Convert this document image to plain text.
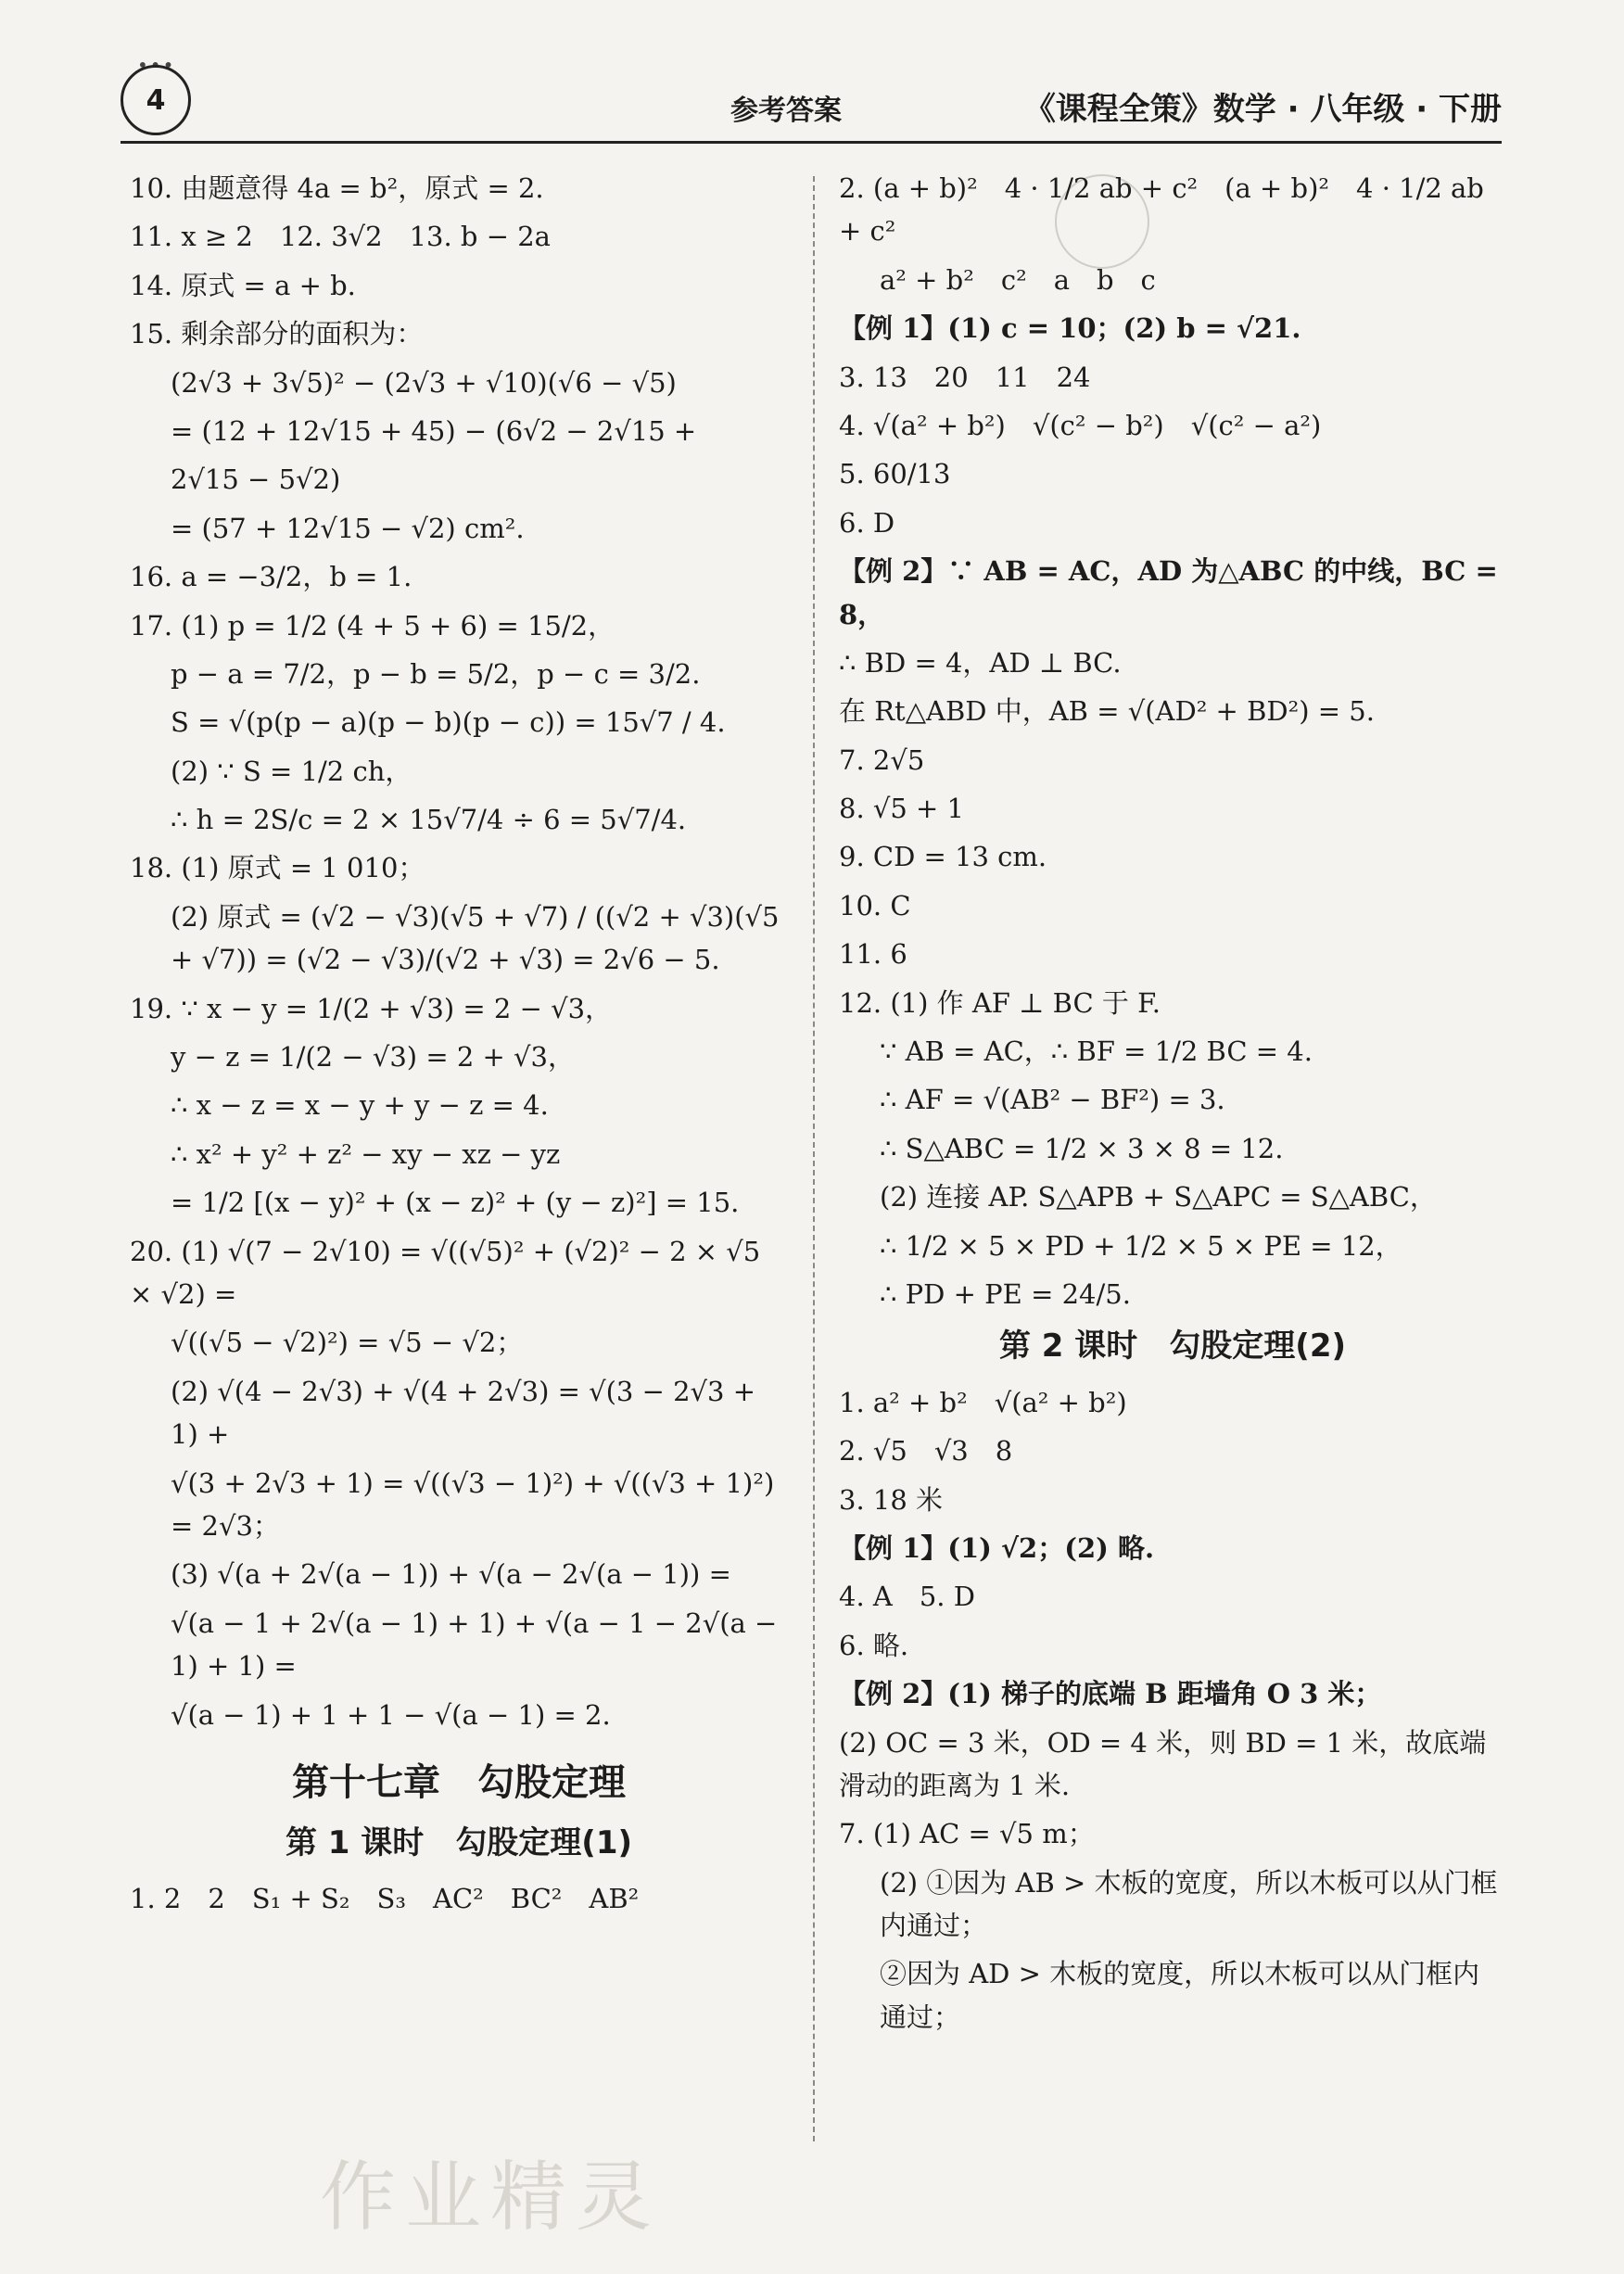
•••
4	参考答案	《课程全策》数学 · 八年级 · 下册
10. 由题意得 4a = b²，原式 = 2.
11. x ≥ 2　12. 3√2　13. b − 2a
14. 原式 = a + b.
15. 剩余部分的面积为：
(2√3 + 3√5)² − (2√3 + √10)(√6 − √5)
= (12 + 12√15 + 45) − (6√2 − 2√15 +
2√15 − 5√2)
= (57 + 12√15 − √2) cm².
16. a = −3/2，b = 1.
17. (1) p = 1/2 (4 + 5 + 6) = 15/2，
p − a = 7/2，p − b = 5/2，p − c = 3/2.
S = √(p(p − a)(p − b)(p − c)) = 15√7 / 4.
(2) ∵ S = 1/2 ch，
∴ h = 2S/c = 2 × 15√7/4 ÷ 6 = 5√7/4.
18. (1) 原式 = 1 010；
(2) 原式 = (√2 − √3)(√5 + √7) / ((√2 + √3)(√5 + √7)) = (√2 − √3)/(√2 + √3) = 2√6 − 5.
19. ∵ x − y = 1/(2 + √3) = 2 − √3，
y − z = 1/(2 − √3) = 2 + √3，
∴ x − z = x − y + y − z = 4.
∴ x² + y² + z² − xy − xz − yz
= 1/2 [(x − y)² + (x − z)² + (y − z)²] = 15.
20. (1) √(7 − 2√10) = √((√5)² + (√2)² − 2 × √5 × √2) =
√((√5 − √2)²) = √5 − √2；
(2) √(4 − 2√3) + √(4 + 2√3) = √(3 − 2√3 + 1) +
√(3 + 2√3 + 1) = √((√3 − 1)²) + √((√3 + 1)²) = 2√3；
(3) √(a + 2√(a − 1)) + √(a − 2√(a − 1)) =
√(a − 1 + 2√(a − 1) + 1) + √(a − 1 − 2√(a − 1) + 1) =
√(a − 1) + 1 + 1 − √(a − 1) = 2.
第十七章　勾股定理
第 1 课时　勾股定理(1)
1. 2　2　S₁ + S₂　S₃　AC²　BC²　AB²
2. (a + b)²　4 · 1/2 ab + c²　(a + b)²　4 · 1/2 ab + c²
a² + b²　c²　a　b　c
【例 1】(1) c = 10；(2) b = √21.
3. 13　20　11　24
4. √(a² + b²)　√(c² − b²)　√(c² − a²)
5. 60/13
6. D
【例 2】∵ AB = AC，AD 为△ABC 的中线，BC = 8，
∴ BD = 4，AD ⊥ BC.
在 Rt△ABD 中，AB = √(AD² + BD²) = 5.
7. 2√5
8. √5 + 1
9. CD = 13 cm.
10. C
11. 6
12. (1) 作 AF ⊥ BC 于 F.
∵ AB = AC，∴ BF = 1/2 BC = 4.
∴ AF = √(AB² − BF²) = 3.
∴ S△ABC = 1/2 × 3 × 8 = 12.
(2) 连接 AP. S△APB + S△APC = S△ABC，
∴ 1/2 × 5 × PD + 1/2 × 5 × PE = 12，
∴ PD + PE = 24/5.
第 2 课时　勾股定理(2)
1. a² + b²　√(a² + b²)
2. √5　√3　8
3. 18 米
【例 1】(1) √2；(2) 略.
4. A　5. D
6. 略.
【例 2】(1) 梯子的底端 B 距墙角 O 3 米；
(2) OC = 3 米，OD = 4 米，则 BD = 1 米，故底端滑动的距离为 1 米.
7. (1) AC = √5 m；
(2) ①因为 AB > 木板的宽度，所以木板可以从门框内通过；
②因为 AD > 木板的宽度，所以木板可以从门框内通过；
作业精灵
